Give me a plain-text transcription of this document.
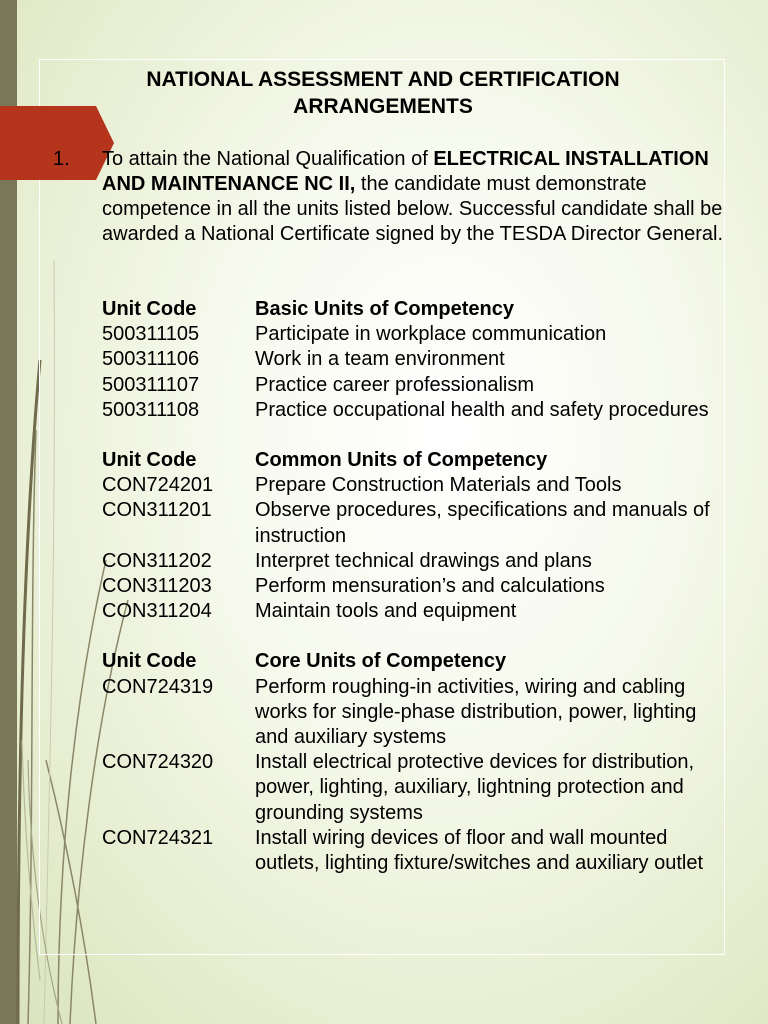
NATIONAL ASSESSMENT AND CERTIFICATION ARRANGEMENTS
1. To attain the National Qualification of ELECTRICAL INSTALLATION AND MAINTENANCE NC II, the candidate must demonstrate competence in all the units listed below. Successful candidate shall be awarded a National Certificate signed by the TESDA Director General.
Unit Code	Basic Units of Competency
500311105	Participate in workplace communication
500311106	Work in a team environment
500311107	Practice career professionalism
500311108	Practice occupational health and safety procedures
Unit Code	Common Units of Competency
CON724201	Prepare Construction Materials and Tools
CON311201	Observe procedures, specifications and manuals of instruction
CON311202	Interpret technical drawings and plans
CON311203	Perform mensuration’s and calculations
CON311204	Maintain tools and equipment
Unit Code	Core Units of Competency
CON724319	Perform roughing-in activities, wiring and cabling works for single-phase distribution, power, lighting and auxiliary systems
CON724320	Install electrical protective devices for distribution, power, lighting, auxiliary, lightning protection and grounding systems
CON724321	Install wiring devices of floor and wall mounted outlets, lighting fixture/switches and auxiliary outlet
